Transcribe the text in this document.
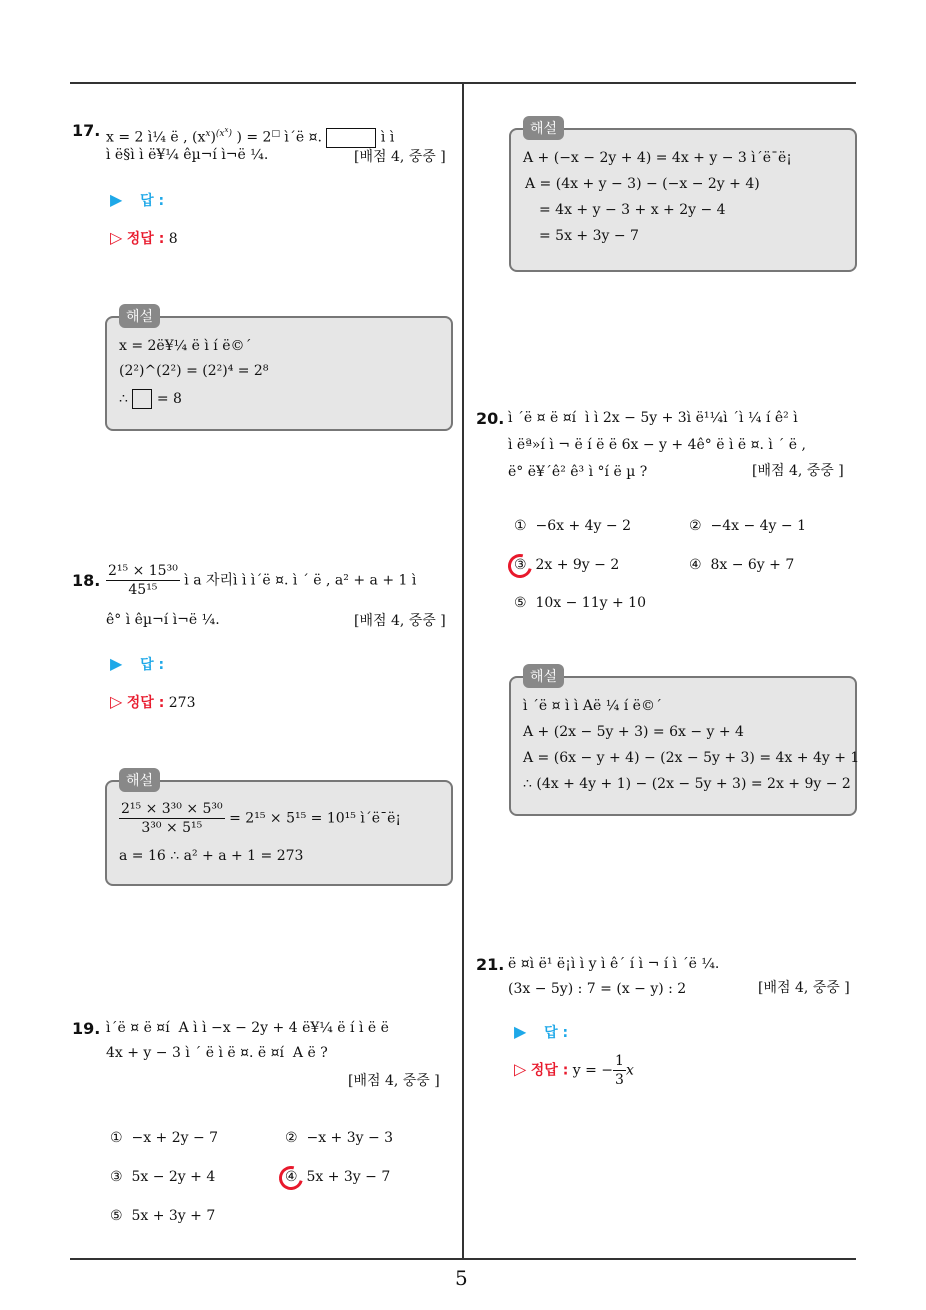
17. x = 2 ì¼ ë , $(x^x)^{(x^x)}$ ) = 2□ ì´ë ¤.	ì ì
ì ë§ì ì ë¥¼ êµ¬í ì¬ë ¼.	[배점 4, 중중 ]
▶ 답 :
▷ 정답 : 8
해설
x = 2ë¥¼ ë ì í ë©´
(2²)^(2²) = (2²)⁴ = 2⁸
∴ = 8
18. $\frac{\text{2¹⁵ × 15³⁰}}{\text{45¹⁵}}$ ì a 자리ì ì ì´ë ¤. ì ´ ë , a² + a + 1 ì
ê° ì êµ¬í ì¬ë ¼.	[배점 4, 중중 ]
▶ 답 :
▷ 정답 : 273
해설
$\frac{\text{2¹⁵ × 3³⁰ × 5³⁰}}{\text{3³⁰ × 5¹⁵}} = 2^{15} \times 5^{15} = 10^{15}$ ì´ë¯ë¡
a = 16 ∴ a² + a + 1 = 273
19. ì´ë ¤ ë ¤í A ì ì −x − 2y + 4 ë¥¼ ë í ì ë ë
4x + y − 3 ì ´ ë ì ë ¤. ë ¤í A ë ?
[배점 4, 중중 ]
① −x + 2y − 7	② −x + 3y − 3
③ 5x − 2y + 4	④ 5x + 3y − 7
⑤ 5x + 3y + 7
해설
A + (−x − 2y + 4) = 4x + y − 3 ì´ë¯ë¡
A = (4x + y − 3) − (−x − 2y + 4)
= 4x + y − 3 + x + 2y − 4
= 5x + 3y − 7
20. ì ´ë ¤ ë ¤í ì ì 2x − 5y + 3ì ë¹¼ì ´ì ¼ í ê² ì
ì ëª»í ì ¬ ë í ë ë 6x − y + 4ê° ë ì ë ¤. ì ´ ë ,
ë° ë¥´ê² ê³ ì °í ë µ ?	[배점 4, 중중 ]
① −6x + 4y − 2	② −4x − 4y − 1
③ 2x + 9y − 2	④ 8x − 6y + 7
⑤ 10x − 11y + 10
해설
ì ´ë ¤ ì ì Aë ¼ í ë©´
A + (2x − 5y + 3) = 6x − y + 4
A = (6x − y + 4) − (2x − 5y + 3) = 4x + 4y + 1
∴ (4x + 4y + 1) − (2x − 5y + 3) = 2x + 9y − 2
21. ë ¤ì ë¹ ë¡ì ì y ì ê´ í ì ¬ í ì ´ë ¼.
(3x − 5y) : 7 = (x − y) : 2	[배점 4, 중중 ]
▶ 답 :
▷ 정답 : y = − $\frac{1}{3}$ x
5
